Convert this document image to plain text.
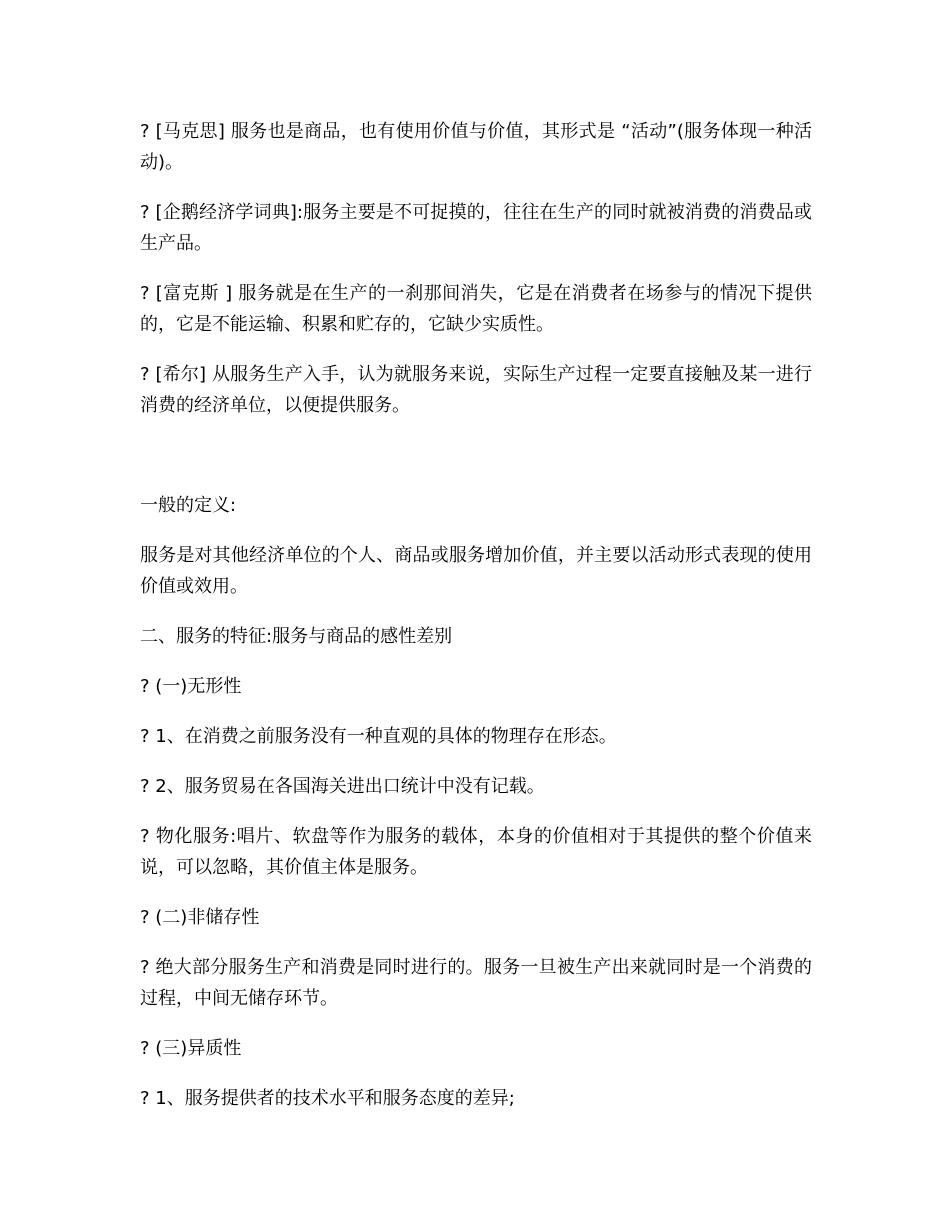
? [马克思] 服务也是商品，也有使用价值与价值，其形式是 “活动”(服务体现一种活动)。

? [企鹅经济学词典]:服务主要是不可捉摸的，往往在生产的同时就被消费的消费品或生产品。

? [富克斯 ] 服务就是在生产的一刹那间消失，它是在消费者在场参与的情况下提供的，它是不能运输、积累和贮存的，它缺少实质性。

? [希尔] 从服务生产入手，认为就服务来说，实际生产过程一定要直接触及某一进行消费的经济单位，以便提供服务。

一般的定义:

服务是对其他经济单位的个人、商品或服务增加价值，并主要以活动形式表现的使用价值或效用。

二、服务的特征:服务与商品的感性差别

? (一)无形性

? 1、在消费之前服务没有一种直观的具体的物理存在形态。

? 2、服务贸易在各国海关进出口统计中没有记载。

? 物化服务:唱片、软盘等作为服务的载体，本身的价值相对于其提供的整个价值来说，可以忽略，其价值主体是服务。

? (二)非储存性

? 绝大部分服务生产和消费是同时进行的。服务一旦被生产出来就同时是一个消费的过程，中间无储存环节。

? (三)异质性

? 1、服务提供者的技术水平和服务态度的差异;
